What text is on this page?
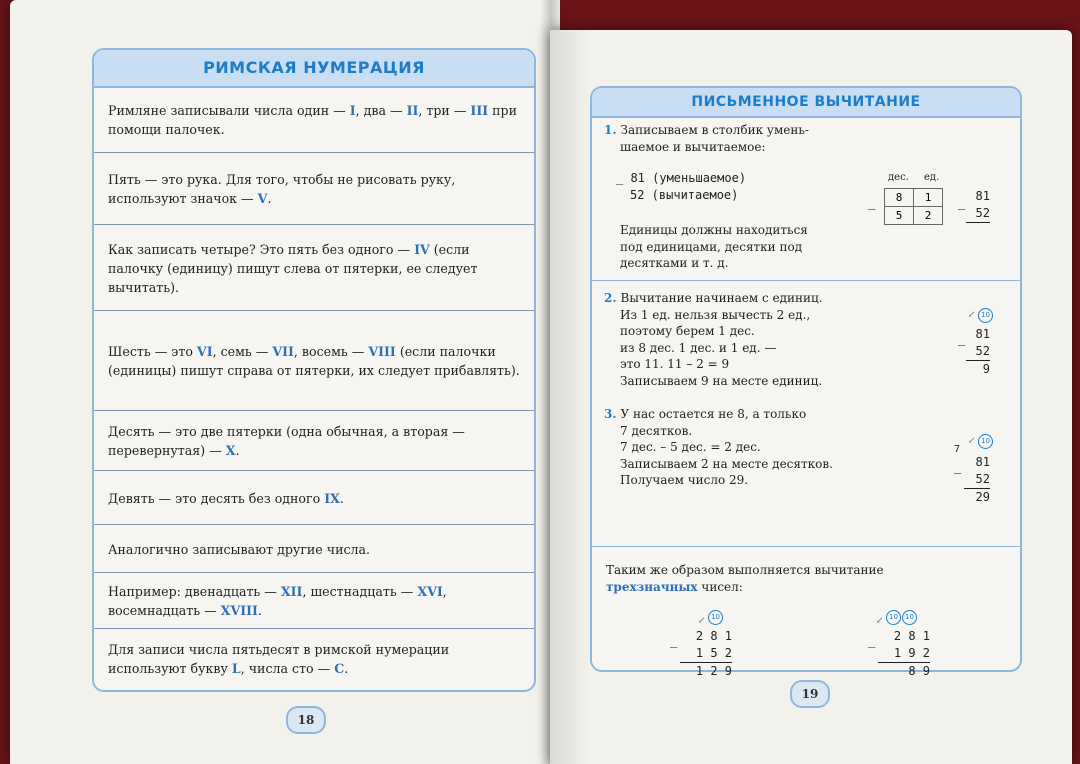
РИМСКАЯ НУМЕРАЦИЯ
Римляне записывали числа один — I, два — II, три — III при помощи палочек.
Пять — это рука. Для того, чтобы не рисовать руку, используют значок — V.
Как записать четыре? Это пять без одного — IV (если палочку (единицу) пишут слева от пятерки, ее следует вычитать).
Шесть — это VI, семь — VII, восемь — VIII (если палочки (единицы) пишут справа от пятерки, их следует прибавлять).
Десять — это две пятерки (одна обычная, а вторая — перевернутая) — X.
Девять — это десять без одного IX.
Аналогично записывают другие числа.
Например: двенадцать — XII, шестнадцать — XVI, восемнадцать — XVIII.
Для записи числа пятьдесят в римской нумерации используют букву L, числа сто — C.
18
ПИСЬМЕННОЕ ВЫЧИТАНИЕ
1. Записываем в столбик умень-
шаемое и вычитаемое:
_ 81 (уменьшаемое)
52 (вычитаемое)
Единицы должны находиться
под единицами, десятки под
десятками и т. д.
дес. ед.
_ 8	1
5	2
_ 81
52
2. Вычитание начинаем с единиц.
Из 1 ед. нельзя вычесть 2 ед.,
поэтому берем 1 дес.
из 8 дес. 1 дес. и 1 ед. —
это 11. 11 – 2 = 9
Записываем 9 на месте единиц.
10
↙
_ 81
52
9
3. У нас остается не 8, а только
7 десятков.
7 дес. – 5 дес. = 2 дес.
Записываем 2 на месте десятков.
Получаем число 29.
10
↙
7
_	81
52
29
Таким же образом выполняется вычитание
трехзначных чисел:
10
↙
_	2 8 1
1 5 2
1 2 9
10	10
↙
_	2 8 1
1 9 2
8 9
19
